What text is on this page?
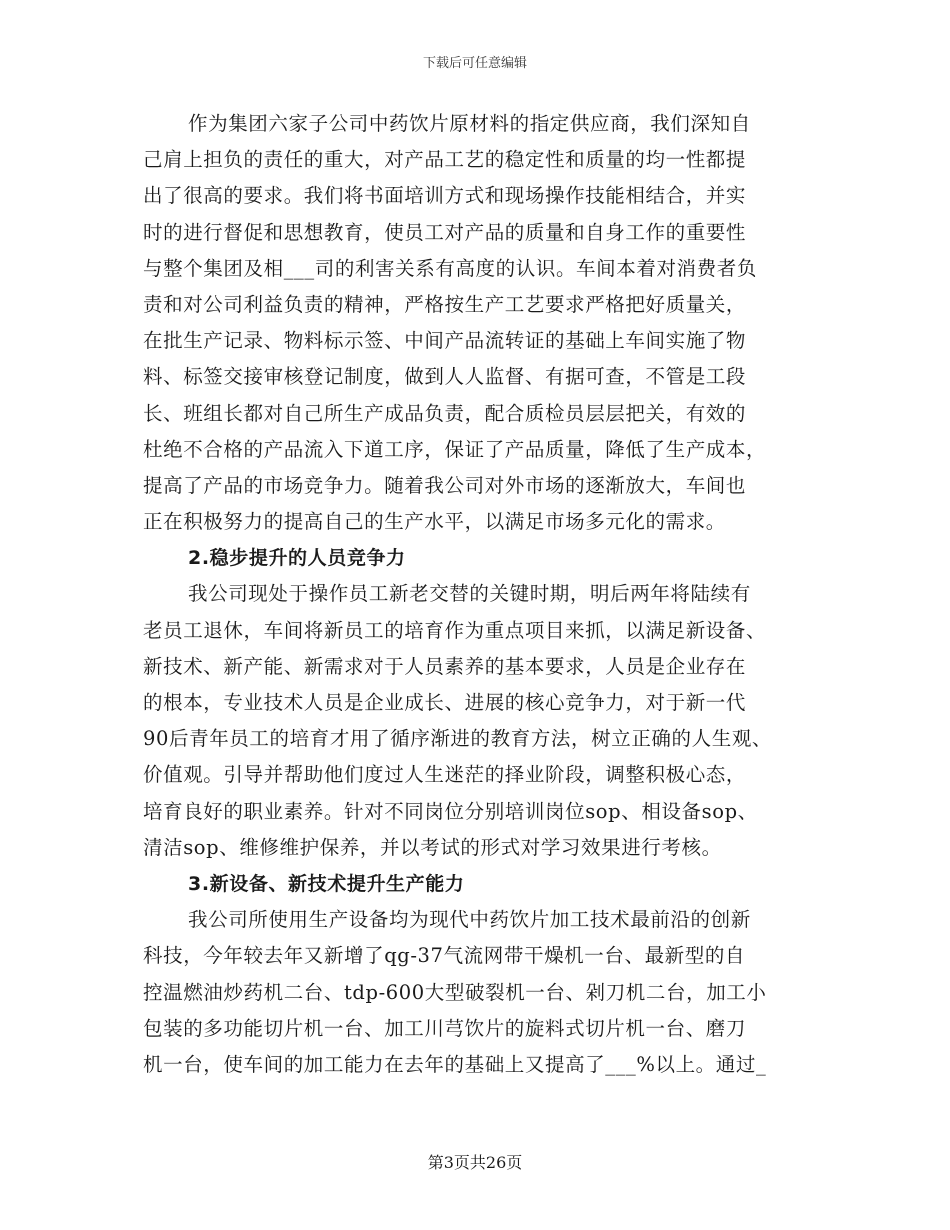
下载后可任意编辑
作为集团六家子公司中药饮片原材料的指定供应商，我们深知自
己肩上担负的责任的重大，对产品工艺的稳定性和质量的均一性都提
出了很高的要求。我们将书面培训方式和现场操作技能相结合，并实
时的进行督促和思想教育，使员工对产品的质量和自身工作的重要性
与整个集团及相___司的利害关系有高度的认识。车间本着对消费者负
责和对公司利益负责的精神，严格按生产工艺要求严格把好质量关，
在批生产记录、物料标示签、中间产品流转证的基础上车间实施了物
料、标签交接审核登记制度，做到人人监督、有据可查，不管是工段
长、班组长都对自己所生产成品负责，配合质检员层层把关，有效的
杜绝不合格的产品流入下道工序，保证了产品质量，降低了生产成本，
提高了产品的市场竞争力。随着我公司对外市场的逐渐放大，车间也
正在积极努力的提高自己的生产水平，以满足市场多元化的需求。
2.稳步提升的人员竞争力
我公司现处于操作员工新老交替的关键时期，明后两年将陆续有
老员工退休，车间将新员工的培育作为重点项目来抓，以满足新设备、
新技术、新产能、新需求对于人员素养的基本要求，人员是企业存在
的根本，专业技术人员是企业成长、进展的核心竞争力，对于新一代
90后青年员工的培育才用了循序渐进的教育方法，树立正确的人生观、
价值观。引导并帮助他们度过人生迷茫的择业阶段，调整积极心态，
培育良好的职业素养。针对不同岗位分别培训岗位sop、相设备sop、
清洁sop、维修维护保养，并以考试的形式对学习效果进行考核。
3.新设备、新技术提升生产能力
我公司所使用生产设备均为现代中药饮片加工技术最前沿的创新
科技，今年较去年又新增了qg-37气流网带干燥机一台、最新型的自
控温燃油炒药机二台、tdp-600大型破裂机一台、剁刀机二台，加工小
包装的多功能切片机一台、加工川芎饮片的旋料式切片机一台、磨刀
机一台，使车间的加工能力在去年的基础上又提高了___%以上。通过_
第3页共26页
